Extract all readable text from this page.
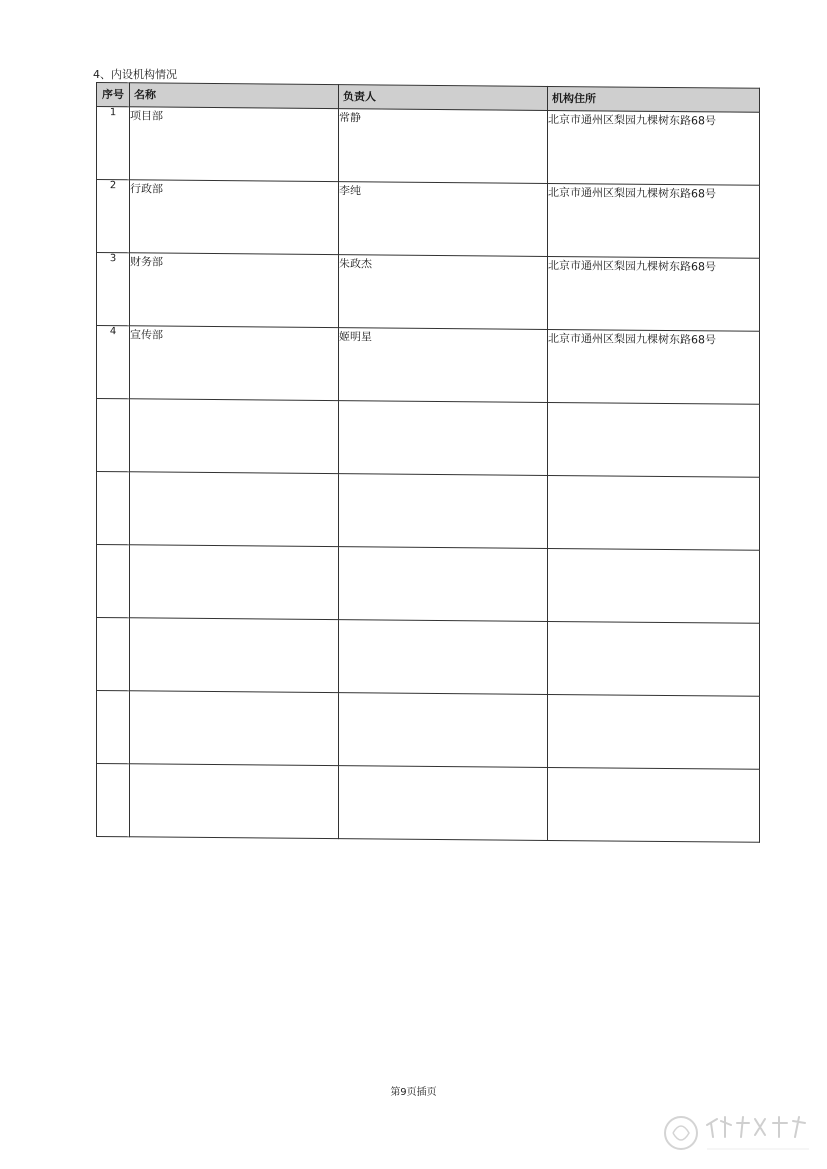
4、内设机构情况
序号	名称	负责人	机构住所
1	项目部	常静	北京市通州区梨园九棵树东路68号
2	行政部	李纯	北京市通州区梨园九棵树东路68号
3	财务部	朱政杰	北京市通州区梨园九棵树东路68号
4	宣传部	姬明星	北京市通州区梨园九棵树东路68号

第9页插页
